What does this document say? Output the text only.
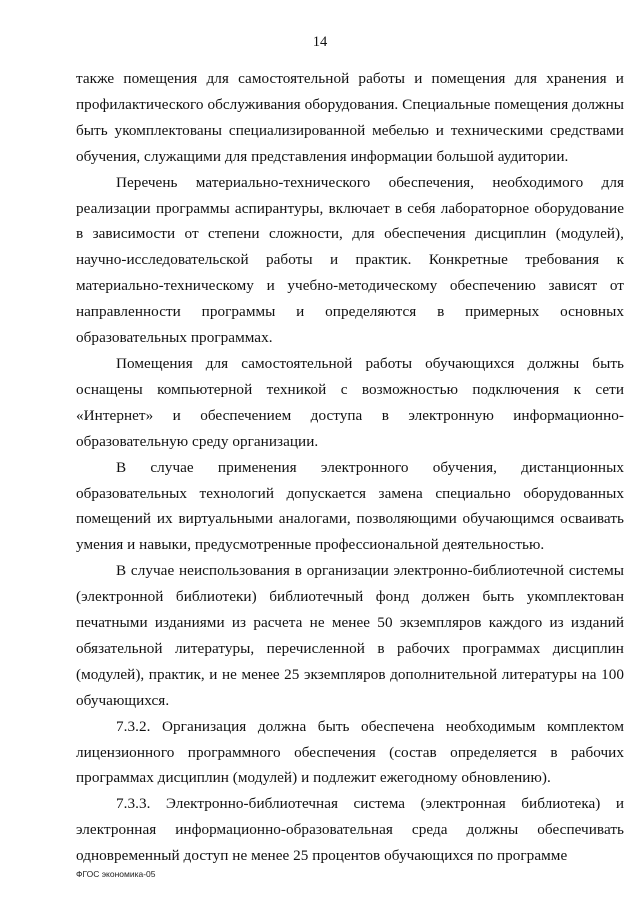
14

также помещения для самостоятельной работы и помещения для хранения и профилактического обслуживания оборудования. Специальные помещения должны быть укомплектованы специализированной мебелью и техническими средствами обучения, служащими для представления информации большой аудитории.

Перечень материально-технического обеспечения, необходимого для реализации программы аспирантуры, включает в себя лабораторное оборудование в зависимости от степени сложности, для обеспечения дисциплин (модулей), научно-исследовательской работы и практик. Конкретные требования к материально-техническому и учебно-методическому обеспечению зависят от направленности программы и определяются в примерных основных образовательных программах.

Помещения для самостоятельной работы обучающихся должны быть оснащены компьютерной техникой с возможностью подключения к сети «Интернет» и обеспечением доступа в электронную информационно-образовательную среду организации.

В случае применения электронного обучения, дистанционных образовательных технологий допускается замена специально оборудованных помещений их виртуальными аналогами, позволяющими обучающимся осваивать умения и навыки, предусмотренные профессиональной деятельностью.

В случае неиспользования в организации электронно-библиотечной системы (электронной библиотеки) библиотечный фонд должен быть укомплектован печатными изданиями из расчета не менее 50 экземпляров каждого из изданий обязательной литературы, перечисленной в рабочих программах дисциплин (модулей), практик, и не менее 25 экземпляров дополнительной литературы на 100 обучающихся.

7.3.2. Организация должна быть обеспечена необходимым комплектом лицензионного программного обеспечения (состав определяется в рабочих программах дисциплин (модулей) и подлежит ежегодному обновлению).

7.3.3. Электронно-библиотечная система (электронная библиотека) и электронная информационно-образовательная среда должны обеспечивать одновременный доступ не менее 25 процентов обучающихся по программе

ФГОС экономика-05
